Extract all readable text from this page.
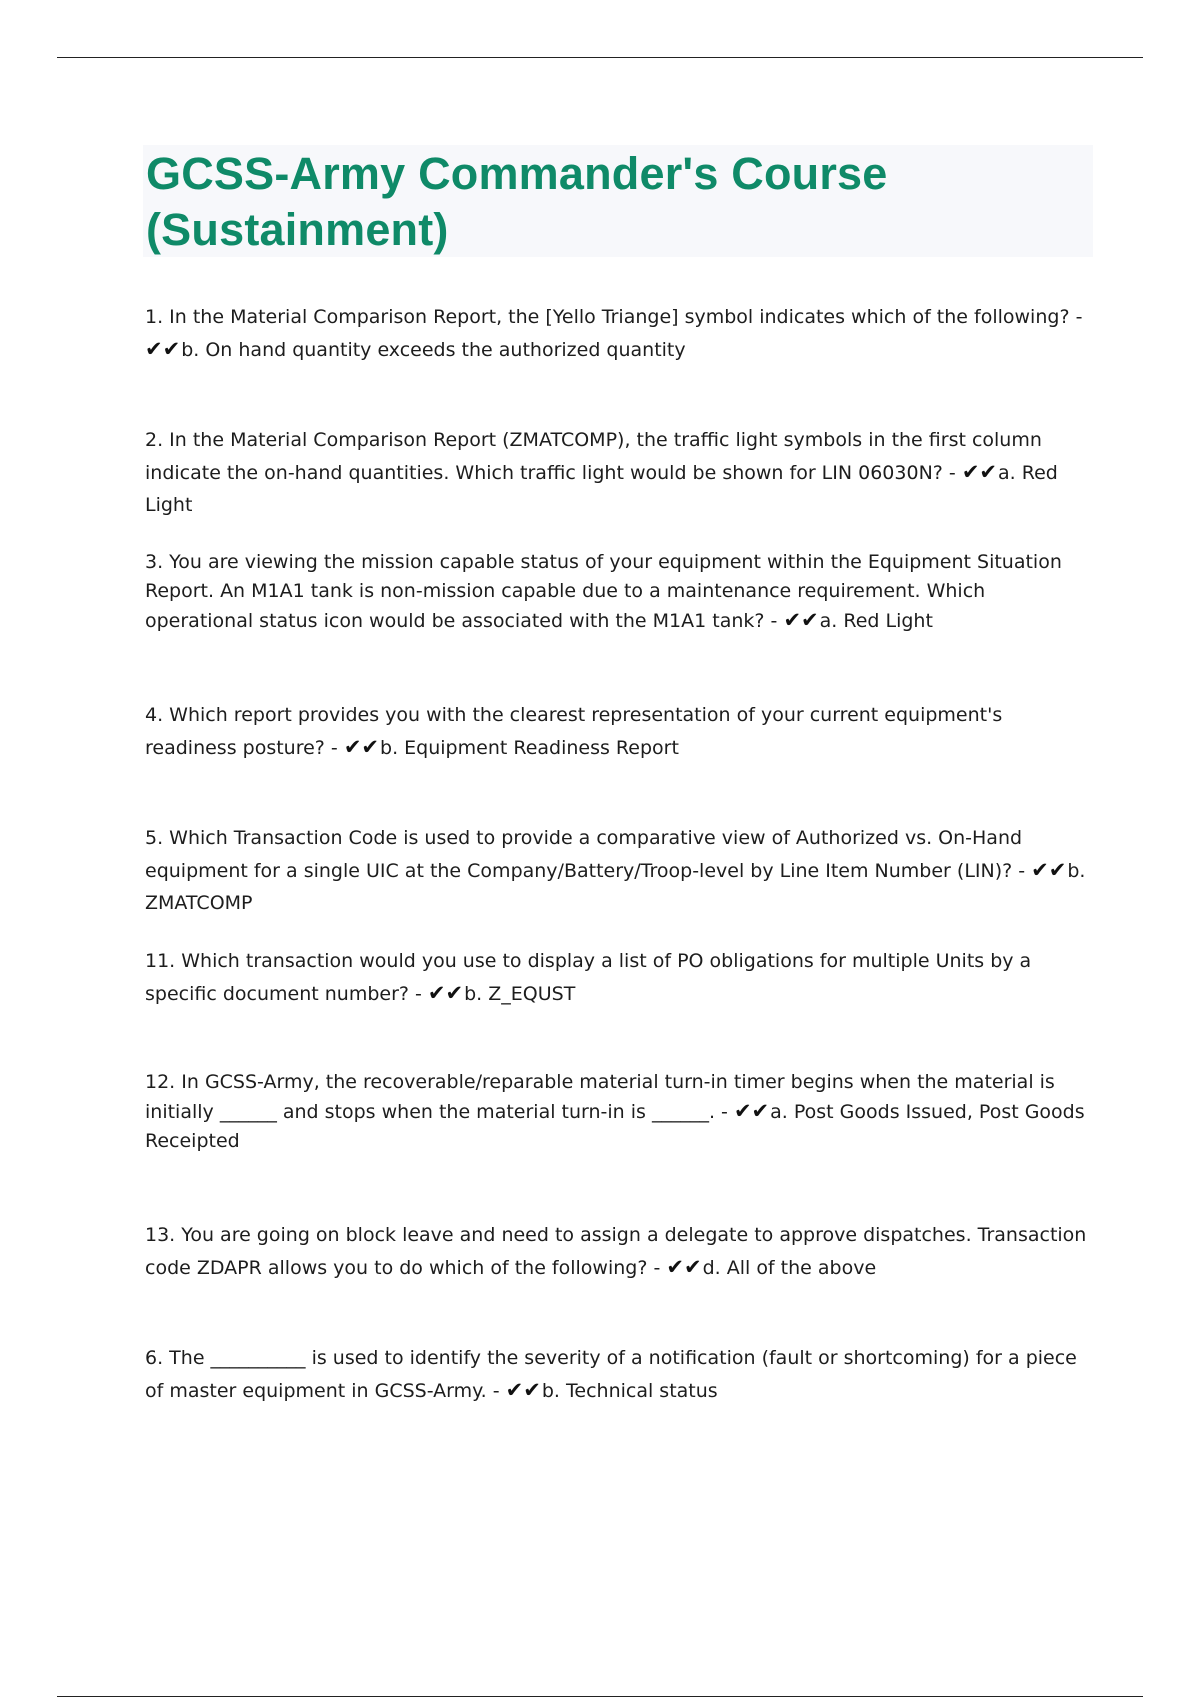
GCSS-Army Commander's Course (Sustainment)

1. In the Material Comparison Report, the [Yello Triange] symbol indicates which of the following? - ✔✔b. On hand quantity exceeds the authorized quantity

2. In the Material Comparison Report (ZMATCOMP), the traffic light symbols in the first column indicate the on-hand quantities. Which traffic light would be shown for LIN 06030N? - ✔✔a. Red Light

3. You are viewing the mission capable status of your equipment within the Equipment Situation Report. An M1A1 tank is non-mission capable due to a maintenance requirement. Which operational status icon would be associated with the M1A1 tank? - ✔✔a. Red Light

4. Which report provides you with the clearest representation of your current equipment's readiness posture? - ✔✔b. Equipment Readiness Report

5. Which Transaction Code is used to provide a comparative view of Authorized vs. On-Hand equipment for a single UIC at the Company/Battery/Troop-level by Line Item Number (LIN)? - ✔✔b. ZMATCOMP

11. Which transaction would you use to display a list of PO obligations for multiple Units by a specific document number? - ✔✔b. Z_EQUST

12. In GCSS-Army, the recoverable/reparable material turn-in timer begins when the material is initially ______ and stops when the material turn-in is ______. - ✔✔a. Post Goods Issued, Post Goods Receipted

13. You are going on block leave and need to assign a delegate to approve dispatches. Transaction code ZDAPR allows you to do which of the following? - ✔✔d. All of the above

6. The __________ is used to identify the severity of a notification (fault or shortcoming) for a piece of master equipment in GCSS-Army. - ✔✔b. Technical status
